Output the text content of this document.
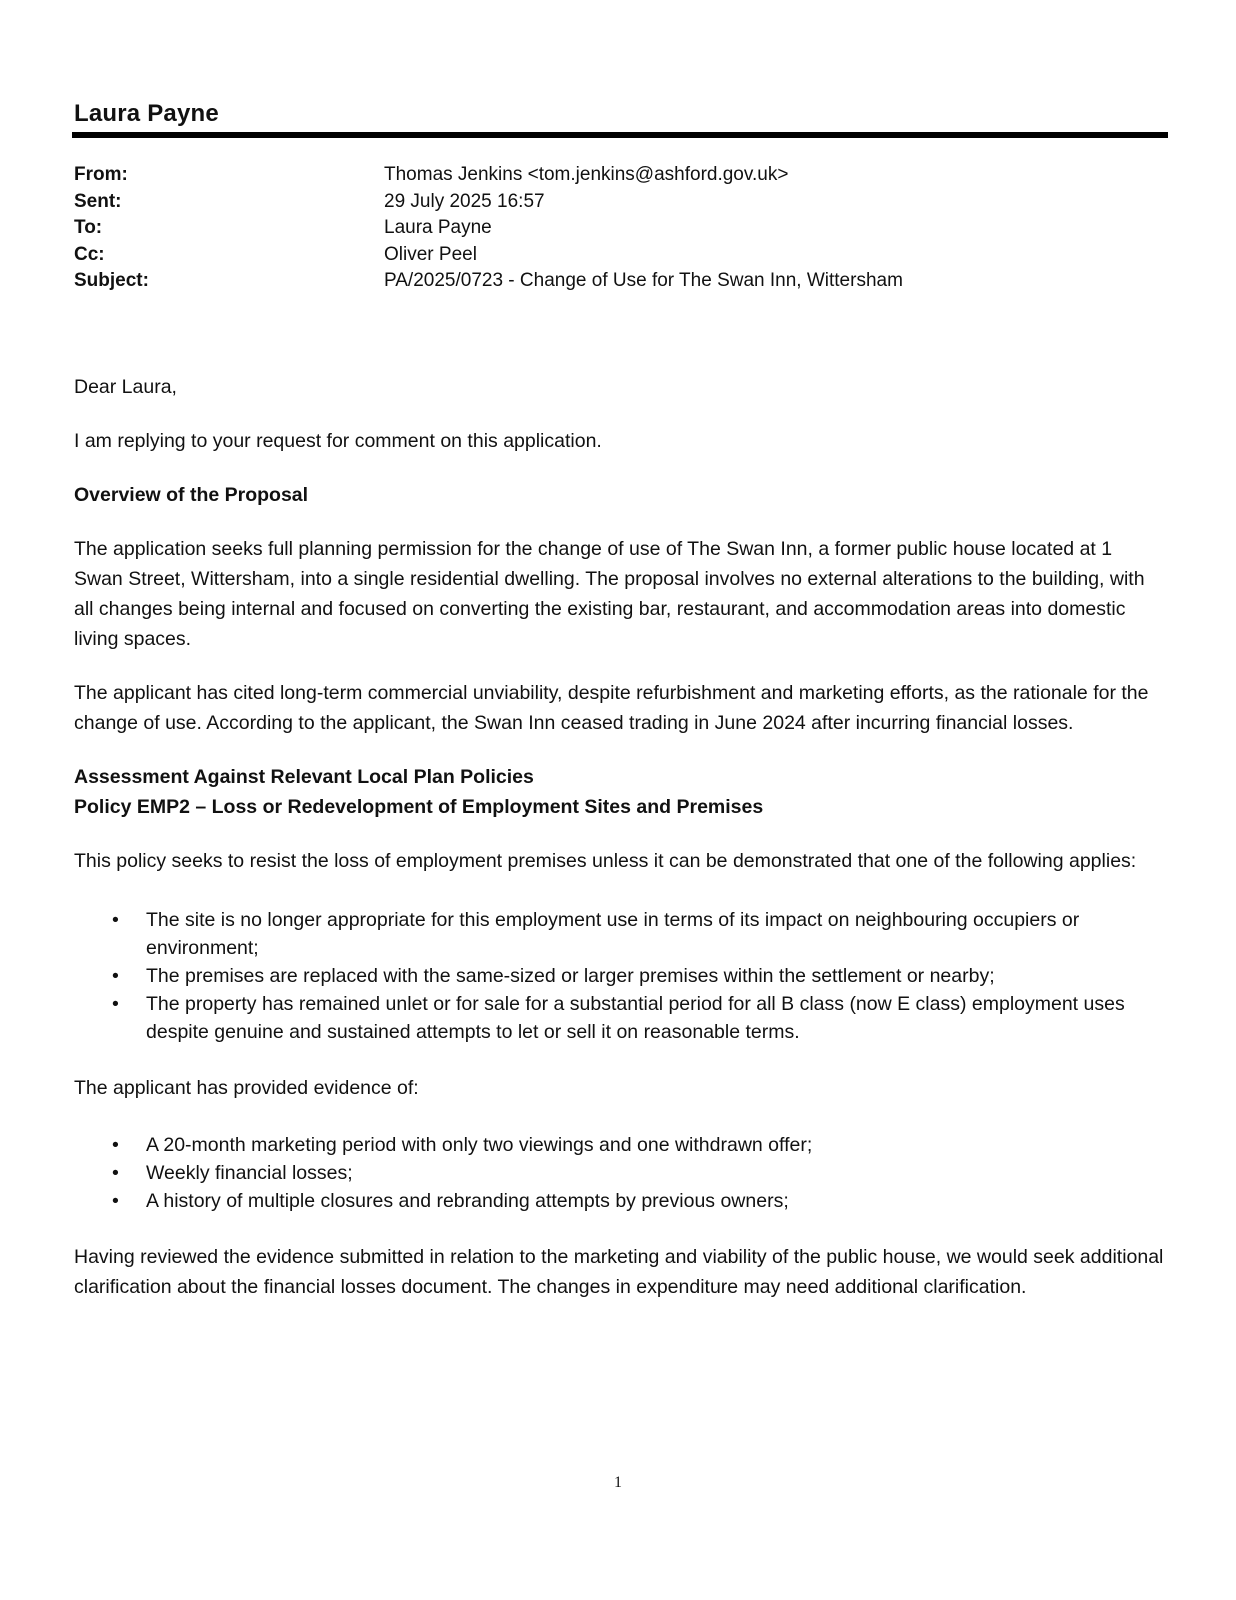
Laura Payne
From:	Thomas Jenkins <tom.jenkins@ashford.gov.uk>
Sent:	29 July 2025 16:57
To:	Laura Payne
Cc:	Oliver Peel
Subject:	PA/2025/0723 - Change of Use for The Swan Inn, Wittersham

Dear Laura,

I am replying to your request for comment on this application.

Overview of the Proposal

The application seeks full planning permission for the change of use of The Swan Inn, a former public house located at 1 Swan Street, Wittersham, into a single residential dwelling. The proposal involves no external alterations to the building, with all changes being internal and focused on converting the existing bar, restaurant, and accommodation areas into domestic living spaces.

The applicant has cited long-term commercial unviability, despite refurbishment and marketing efforts, as the rationale for the change of use. According to the applicant, the Swan Inn ceased trading in June 2024 after incurring financial losses.

Assessment Against Relevant Local Plan Policies
Policy EMP2 – Loss or Redevelopment of Employment Sites and Premises

This policy seeks to resist the loss of employment premises unless it can be demonstrated that one of the following applies:

• The site is no longer appropriate for this employment use in terms of its impact on neighbouring occupiers or environment;
• The premises are replaced with the same-sized or larger premises within the settlement or nearby;
• The property has remained unlet or for sale for a substantial period for all B class (now E class) employment uses despite genuine and sustained attempts to let or sell it on reasonable terms.

The applicant has provided evidence of:

• A 20-month marketing period with only two viewings and one withdrawn offer;
• Weekly financial losses;
• A history of multiple closures and rebranding attempts by previous owners;

Having reviewed the evidence submitted in relation to the marketing and viability of the public house, we would seek additional clarification about the financial losses document. The changes in expenditure may need additional clarification.

1
